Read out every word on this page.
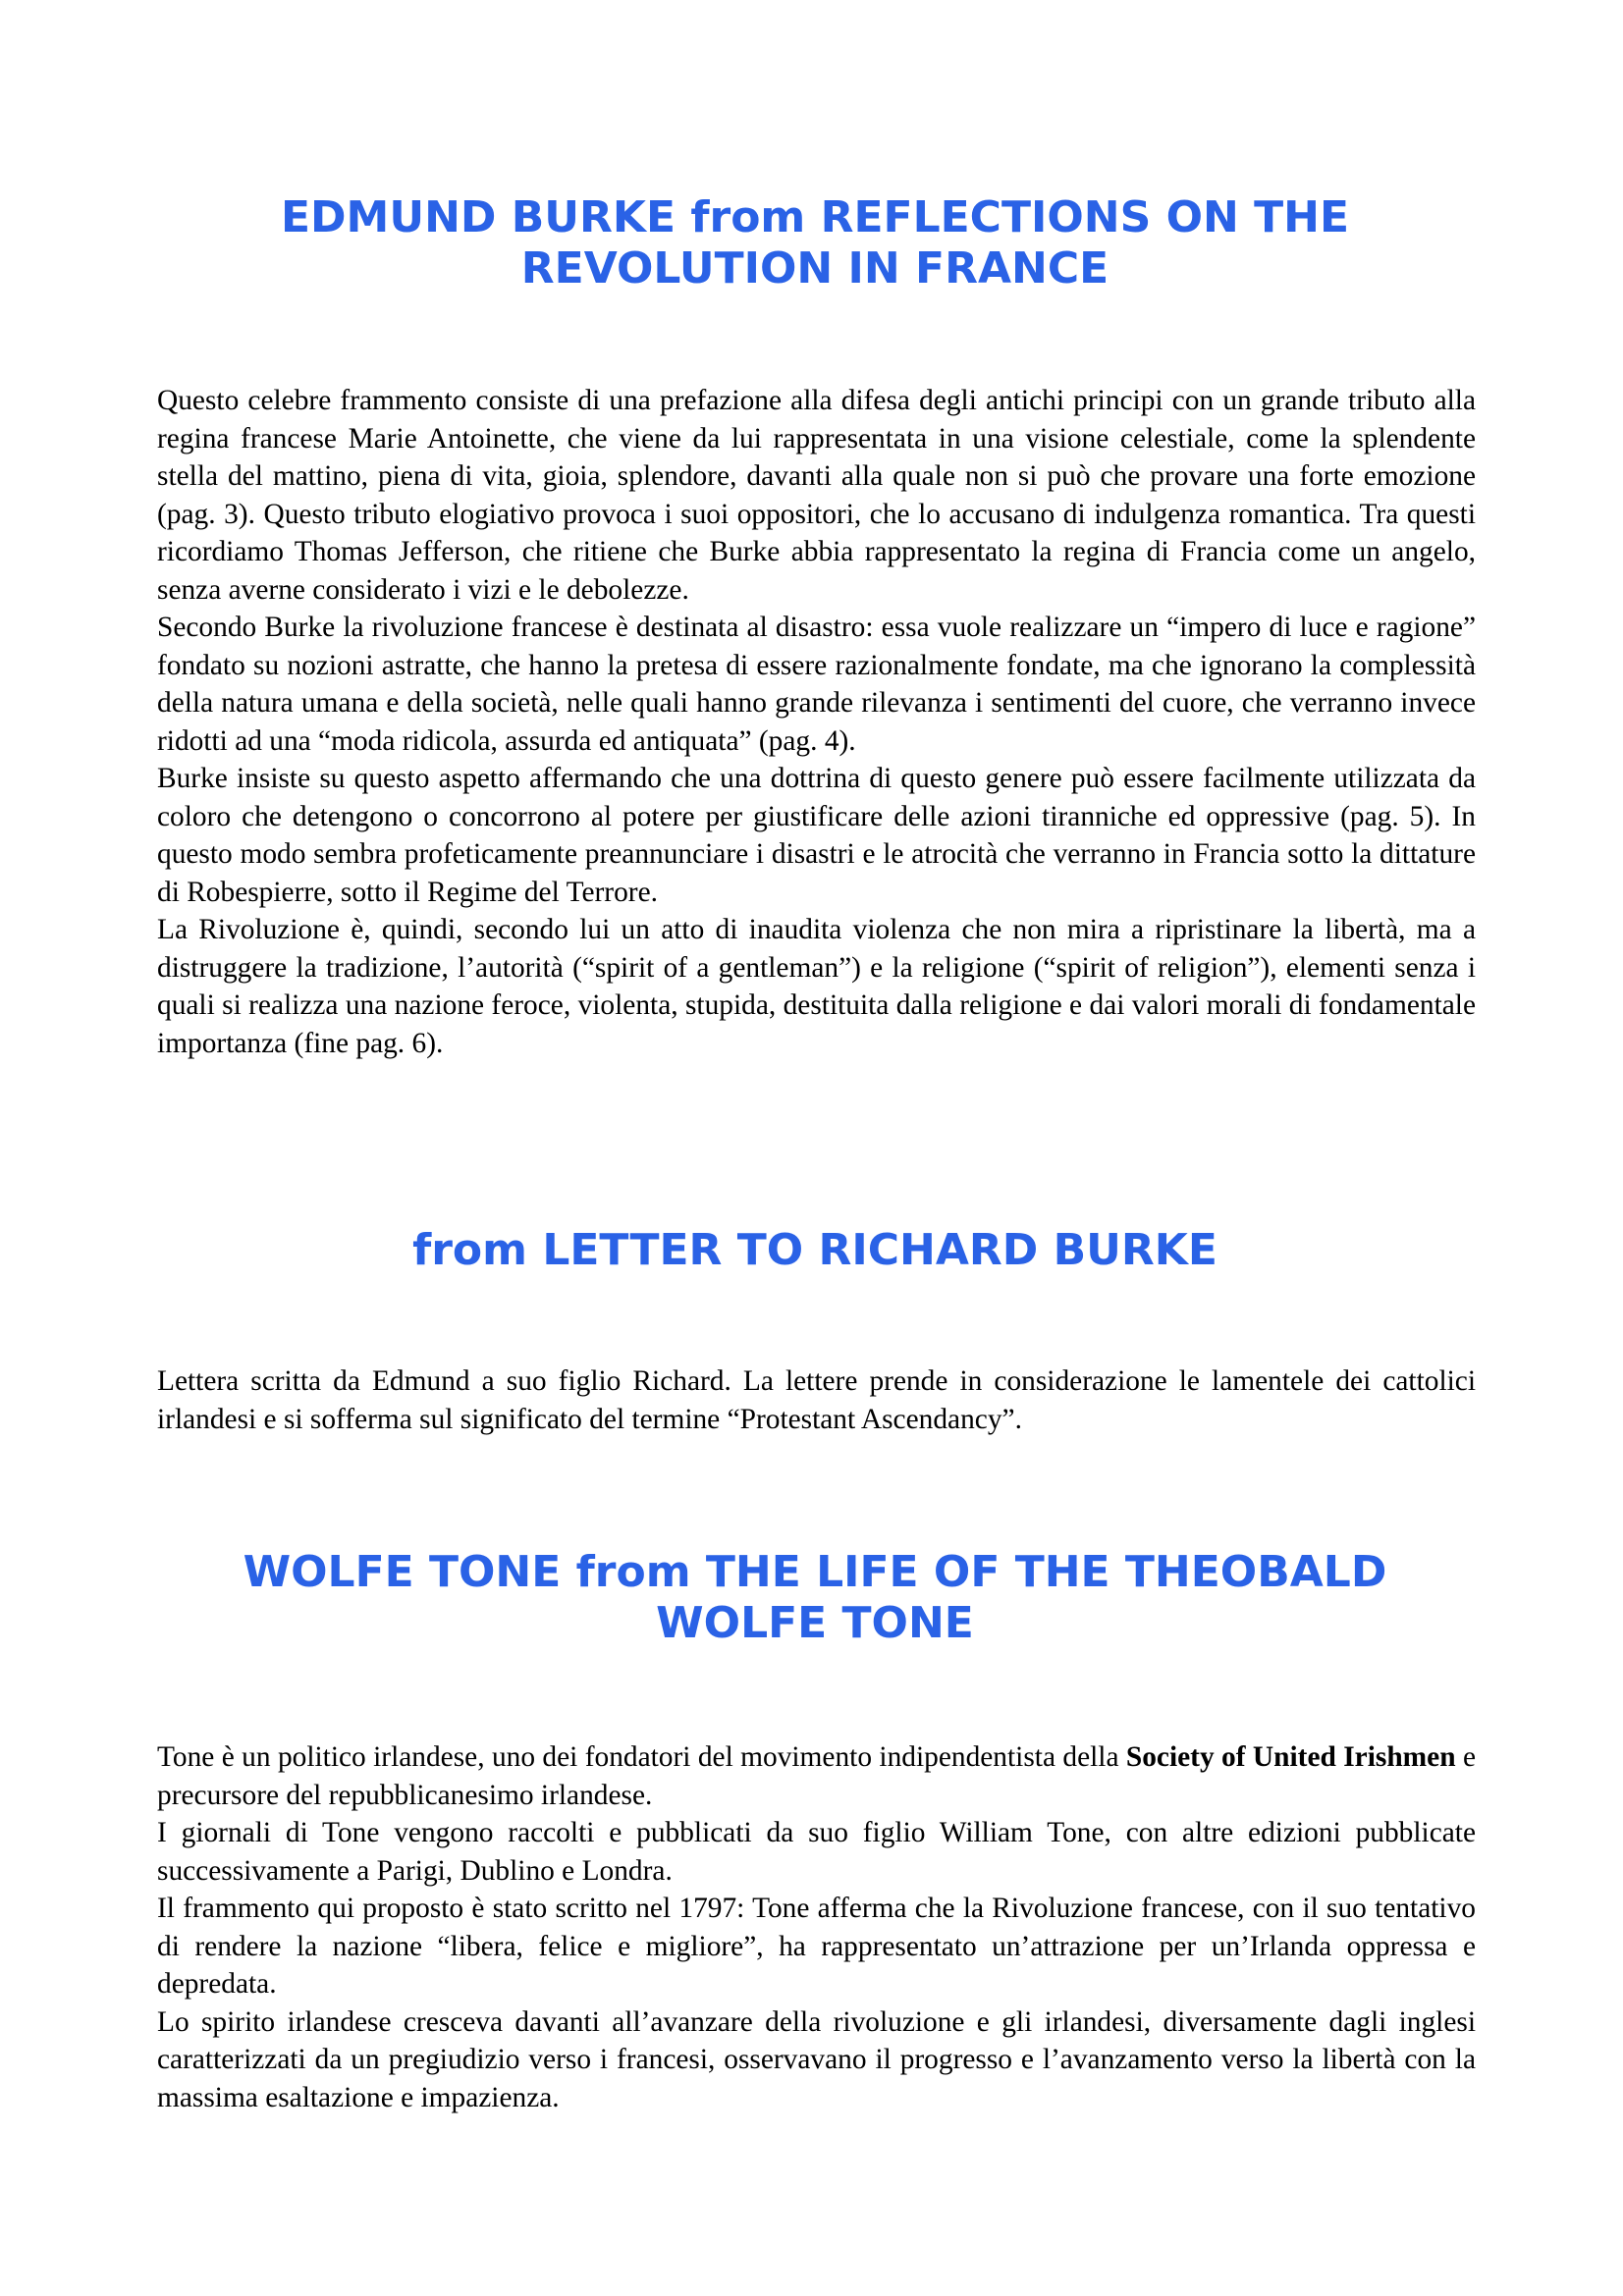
EDMUND BURKE from REFLECTIONS ON THE
REVOLUTION IN FRANCE

Questo celebre frammento consiste di una prefazione alla difesa degli antichi principi con un grande tributo alla regina francese Marie Antoinette, che viene da lui rappresentata in una visione celestiale, come la splendente stella del mattino, piena di vita, gioia, splendore, davanti alla quale non si può che provare una forte emozione (pag. 3). Questo tributo elogiativo provoca i suoi oppositori, che lo accusano di indulgenza romantica. Tra questi ricordiamo Thomas Jefferson, che ritiene che Burke abbia rappresentato la regina di Francia come un angelo, senza averne considerato i vizi e le debolezze.

Secondo Burke la rivoluzione francese è destinata al disastro: essa vuole realizzare un “impero di luce e ragione” fondato su nozioni astratte, che hanno la pretesa di essere razionalmente fondate, ma che ignorano la complessità della natura umana e della società, nelle quali hanno grande rilevanza i sentimenti del cuore, che verranno invece ridotti ad una “moda ridicola, assurda ed antiquata” (pag. 4).

Burke insiste su questo aspetto affermando che una dottrina di questo genere può essere facilmente utilizzata da coloro che detengono o concorrono al potere per giustificare delle azioni tiranniche ed oppressive (pag. 5). In questo modo sembra profeticamente preannunciare i disastri e le atrocità che verranno in Francia sotto la dittature di Robespierre, sotto il Regime del Terrore.

La Rivoluzione è, quindi, secondo lui un atto di inaudita violenza che non mira a ripristinare la libertà, ma a distruggere la tradizione, l’autorità (“spirit of a gentleman”) e la religione (“spirit of religion”), elementi senza i quali si realizza una nazione feroce, violenta, stupida, destituita dalla religione e dai valori morali di fondamentale importanza (fine pag. 6).

from LETTER TO RICHARD BURKE

Lettera scritta da Edmund a suo figlio Richard. La lettere prende in considerazione le lamentele dei cattolici irlandesi e si sofferma sul significato del termine “Protestant Ascendancy”.

WOLFE TONE from THE LIFE OF THE THEOBALD
WOLFE TONE

Tone è un politico irlandese, uno dei fondatori del movimento indipendentista della Society of United Irishmen e precursore del repubblicanesimo irlandese.

I giornali di Tone vengono raccolti e pubblicati da suo figlio William Tone, con altre edizioni pubblicate successivamente a Parigi, Dublino e Londra.

Il frammento qui proposto è stato scritto nel 1797: Tone afferma che la Rivoluzione francese, con il suo tentativo di rendere la nazione “libera, felice e migliore”, ha rappresentato un’attrazione per un’Irlanda oppressa e depredata.

Lo spirito irlandese cresceva davanti all’avanzare della rivoluzione e gli irlandesi, diversamente dagli inglesi caratterizzati da un pregiudizio verso i francesi, osservavano il progresso e l’avanzamento verso la libertà con la massima esaltazione e impazienza.
